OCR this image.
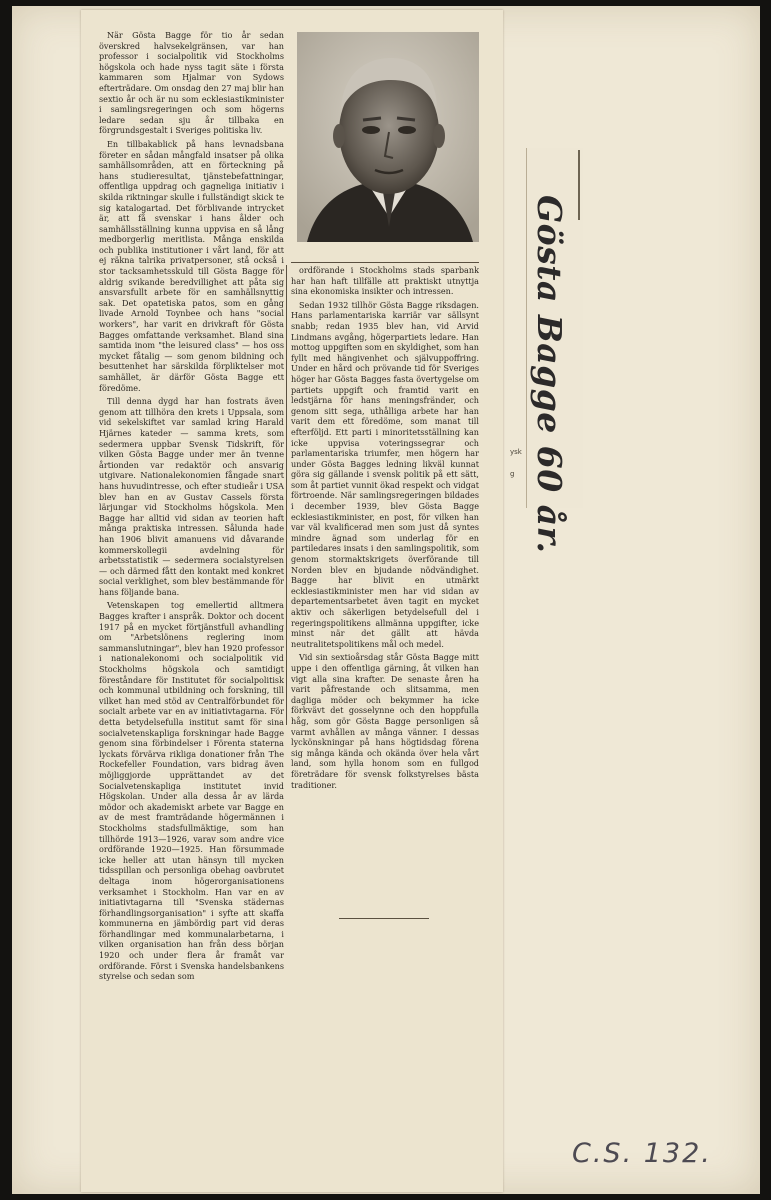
När Gösta Bagge för tio år sedan överskred halvsekelgränsen, var han professor i socialpolitik vid Stockholms högskola och hade nyss tagit säte i första kammaren som Hjalmar von Sydows efterträdare. Om onsdag den 27 maj blir han sextio år och är nu som ecklesiastikminister i samlingsregeringen och som högerns ledare sedan sju år tillbaka en förgrundsgestalt i Sveriges politiska liv.

En tillbakablick på hans levnadsbana företer en sådan mångfald insatser på olika samhällsområden, att en förteckning på hans studieresultat, tjänstebefattningar, offentliga uppdrag och gagneliga initiativ i skilda riktningar skulle i fullständigt skick te sig katalogartad. Det förblivande intrycket är, att få svenskar i hans ålder och samhällsställning kunna uppvisa en så lång medborgerlig meritlista. Många enskilda och publika institutioner i vårt land, för att ej räkna talrika privatpersoner, stå också i stor tacksamhetsskuld till Gösta Bagge för aldrig svikande beredvillighet att påta sig ansvarsfullt arbete för en samhällsnyttig sak. Det opatetiska patos, som en gång livade Arnold Toynbee och hans "social workers", har varit en drivkraft för Gösta Bagges omfattande verksamhet. Bland sina samtida inom "the leisured class" — hos oss mycket fåtalig — som genom bildning och besuttenhet har särskilda förpliktelser mot samhället, är därför Gösta Bagge ett föredöme.

Till denna dygd har han fostrats även genom att tillhöra den krets i Uppsala, som vid sekelskiftet var samlad kring Harald Hjärnes kateder — samma krets, som sedermera uppbar Svensk Tidskrift, för vilken Gösta Bagge under mer än tvenne årtionden var redaktör och ansvarig utgivare. Nationalekonomien fångade snart hans huvudintresse, och efter studieår i USA blev han en av Gustav Cassels första lärjungar vid Stockholms högskola. Men Bagge har alltid vid sidan av teorien haft många praktiska intressen. Sålunda hade han 1906 blivit amanuens vid dåvarande kommerskollegii avdelning för arbetsstatistik — sedermera socialstyrelsen — och därmed fått den kontakt med konkret social verklighet, som blev bestämmande för hans följande bana.

Vetenskapen tog emellertid alltmera Bagges krafter i anspråk. Doktor och docent 1917 på en mycket förtjänstfull avhandling om "Arbetslönens reglering inom sammanslutningar", blev han 1920 professor i nationalekonomi och socialpolitik vid Stockholms högskola och samtidigt föreståndare för Institutet för socialpolitisk och kommunal utbildning och forskning, till vilket han med stöd av Centralförbundet för socialt arbete var en av initiativtagarna. För detta betydelsefulla institut samt för sina socialvetenskapliga forskningar hade Bagge genom sina förbindelser i Förenta staterna lyckats förvärva rikliga donationer från The Rockefeller Foundation, vars bidrag även möjliggjorde upprättandet av det Socialvetenskapliga institutet invid Högskolan. Under alla dessa år av lärda mödor och akademiskt arbete var Bagge en av de mest framträdande högermännen i Stockholms stadsfullmäktige, som han tillhörde 1913—1926, varav som andre vice ordförande 1920—1925. Han försummade icke heller att utan hänsyn till mycken tidsspillan och personliga obehag oavbrutet deltaga inom högerorganisationens verksamhet i Stockholm. Han var en av initiativtagarna till "Svenska städernas förhandlingsorganisation" i syfte att skaffa kommunerna en jämbördig part vid deras förhandlingar med kommunalarbetarna, i vilken organisation han från dess början 1920 och under flera år framåt var ordförande. Först i Svenska handelsbankens styrelse och sedan som

ordförande i Stockholms stads sparbank har han haft tillfälle att praktiskt utnyttja sina ekonomiska insikter och intressen.

Sedan 1932 tillhör Gösta Bagge riksdagen. Hans parlamentariska karriär var sällsynt snabb; redan 1935 blev han, vid Arvid Lindmans avgång, högerpartiets ledare. Han mottog uppgiften som en skyldighet, som han fyllt med hängivenhet och självuppoffring. Under en hård och prövande tid för Sveriges höger har Gösta Bagges fasta övertygelse om partiets uppgift och framtid varit en ledstjärna för hans meningsfränder, och genom sitt sega, uthålliga arbete har han varit dem ett föredöme, som manat till efterföljd. Ett parti i minoritetsställning kan icke uppvisa voteringssegrar och parlamentariska triumfer, men högern har under Gösta Bagges ledning likväl kunnat göra sig gällande i svensk politik på ett sätt, som åt partiet vunnit ökad respekt och vidgat förtroende. När samlingsregeringen bildades i december 1939, blev Gösta Bagge ecklesiastikminister, en post, för vilken han var väl kvalificerad men som just då syntes mindre ägnad som underlag för en partiledares insats i den samlingspolitik, som genom stormaktskrigets överförande till Norden blev en bjudande nödvändighet. Bagge har blivit en utmärkt ecklesiastikminister men har vid sidan av departementsarbetet även tagit en mycket aktiv och säkerligen betydelsefull del i regeringspolitikens allmänna uppgifter, icke minst när det gällt att hävda neutralitetspolitikens mål och medel.

Vid sin sextioårsdag står Gösta Bagge mitt uppe i den offentliga gärning, åt vilken han vigt alla sina krafter. De senaste åren ha varit påfrestande och slitsamma, men dagliga möder och bekymmer ha icke förkvävt det gosselynne och den hoppfulla håg, som gör Gösta Bagge personligen så varmt avhållen av många vänner. I dessas lyckönskningar på hans högtidsdag förena sig många kända och okända över hela vårt land, som hylla honom som en fullgod företrädare för svensk folkstyrelses bästa traditioner.

Gösta Bagge 60 år.
ysk
g
C.S. 132.
